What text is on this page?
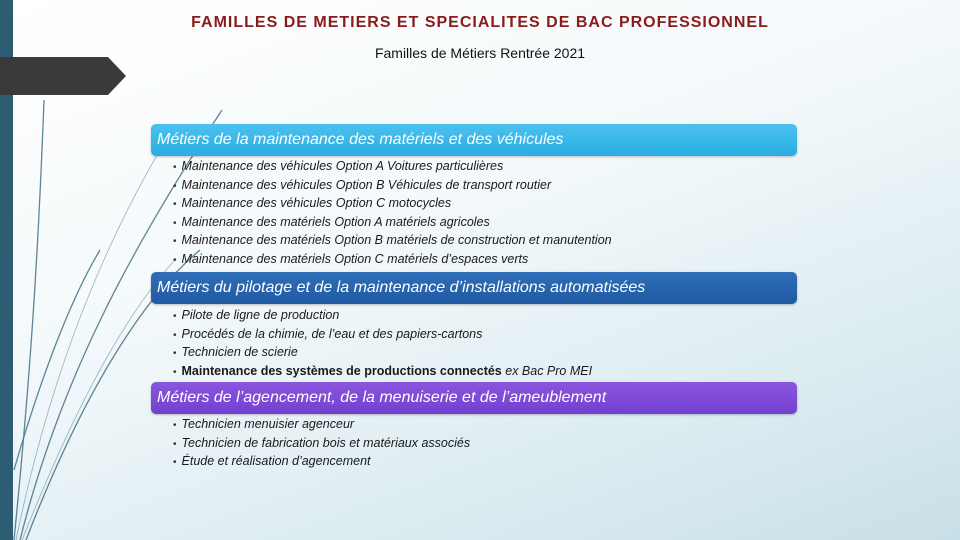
FAMILLES DE METIERS ET SPECIALITES DE BAC PROFESSIONNEL
Familles de Métiers Rentrée 2021
Métiers de la maintenance des matériels et des véhicules
• Maintenance des véhicules Option A Voitures particulières
• Maintenance des véhicules Option B Véhicules de transport routier
• Maintenance des véhicules Option C motocycles
• Maintenance des matériels Option A matériels agricoles
• Maintenance des matériels Option B matériels de construction et manutention
• Maintenance des matériels Option C matériels d’espaces verts
Métiers du pilotage et de la maintenance d’installations automatisées
• Pilote de ligne de production
• Procédés de la chimie, de l’eau et des papiers-cartons
• Technicien de scierie
• Maintenance des systèmes de productions connectés ex Bac Pro MEI
Métiers de l’agencement, de la menuiserie et de l’ameublement
• Technicien menuisier agenceur
• Technicien de fabrication bois et matériaux associés
• Étude et réalisation d’agencement
